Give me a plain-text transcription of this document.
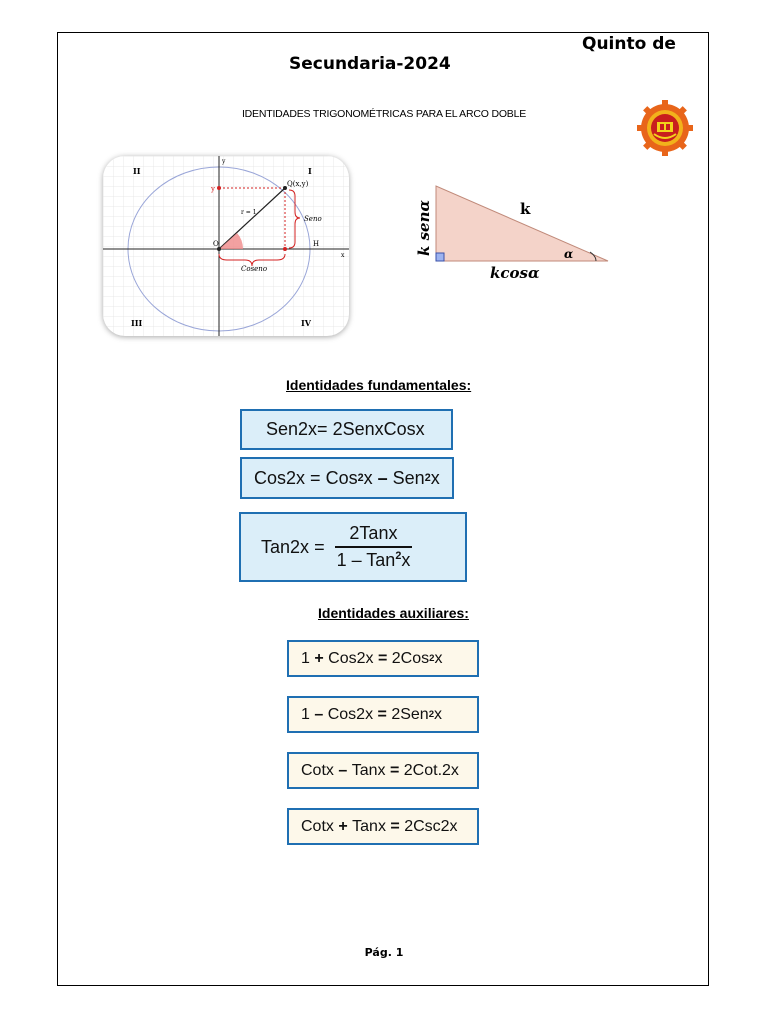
Quinto de
Secundaria-2024
IDENTIDADES TRIGONOMÉTRICAS PARA EL ARCO DOBLE
II	I
III	IV
Q(x,y)
r = 1
Seno
Coseno
y
O	H
y
x
k
α
kcosα
k senα
Identidades fundamentales:
Sen2x=
2SenxCosx
Cos2x
=
Cos 2 x
–
Sen 2 x
Tan2x
= $\frac{\text{2Tanx}}{1 - Tan^2x}$
Identidades auxiliares:
1
+
Cos2x
=
2Cos 2 x
1
–
Cos2x
=
2Sen 2 x
Cotx
–
Tanx
=
2Cot.2x
Cotx
+
Tanx
=
2Csc2x
Pág. 1
